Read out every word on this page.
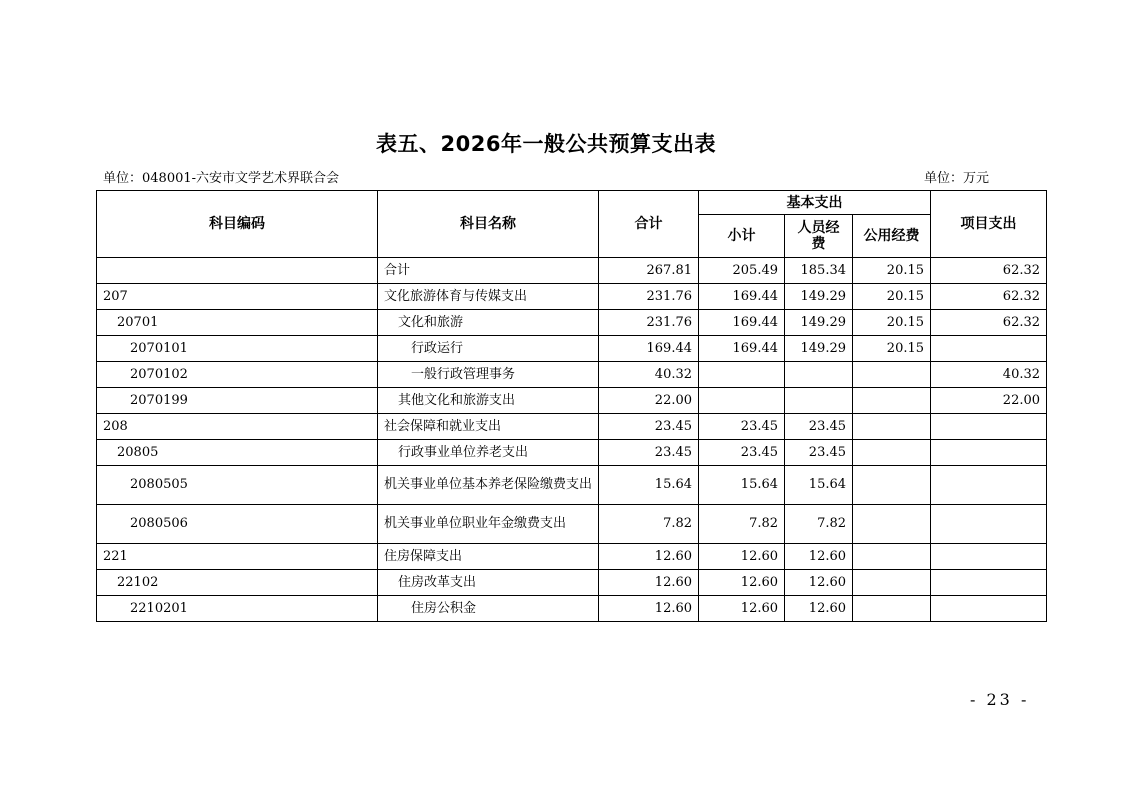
表五、2026年一般公共预算支出表
单位：048001-六安市文学艺术界联合会	单位：万元
科目编码	科目名称	合计	基本支出			项目支出
			小计	人员经费	公用经费	
	合计	267.81	205.49	185.34	20.15	62.32
207	文化旅游体育与传媒支出	231.76	169.44	149.29	20.15	62.32
20701	文化和旅游	231.76	169.44	149.29	20.15	62.32
2070101	行政运行	169.44	169.44	149.29	20.15	
2070102	一般行政管理事务	40.32				40.32
2070199	其他文化和旅游支出	22.00				22.00
208	社会保障和就业支出	23.45	23.45	23.45		
20805	行政事业单位养老支出	23.45	23.45	23.45		
2080505	机关事业单位基本养老保险缴费支出	15.64	15.64	15.64		
2080506	机关事业单位职业年金缴费支出	7.82	7.82	7.82		
221	住房保障支出	12.60	12.60	12.60		
22102	住房改革支出	12.60	12.60	12.60		
2210201	住房公积金	12.60	12.60	12.60		
- 23 -
